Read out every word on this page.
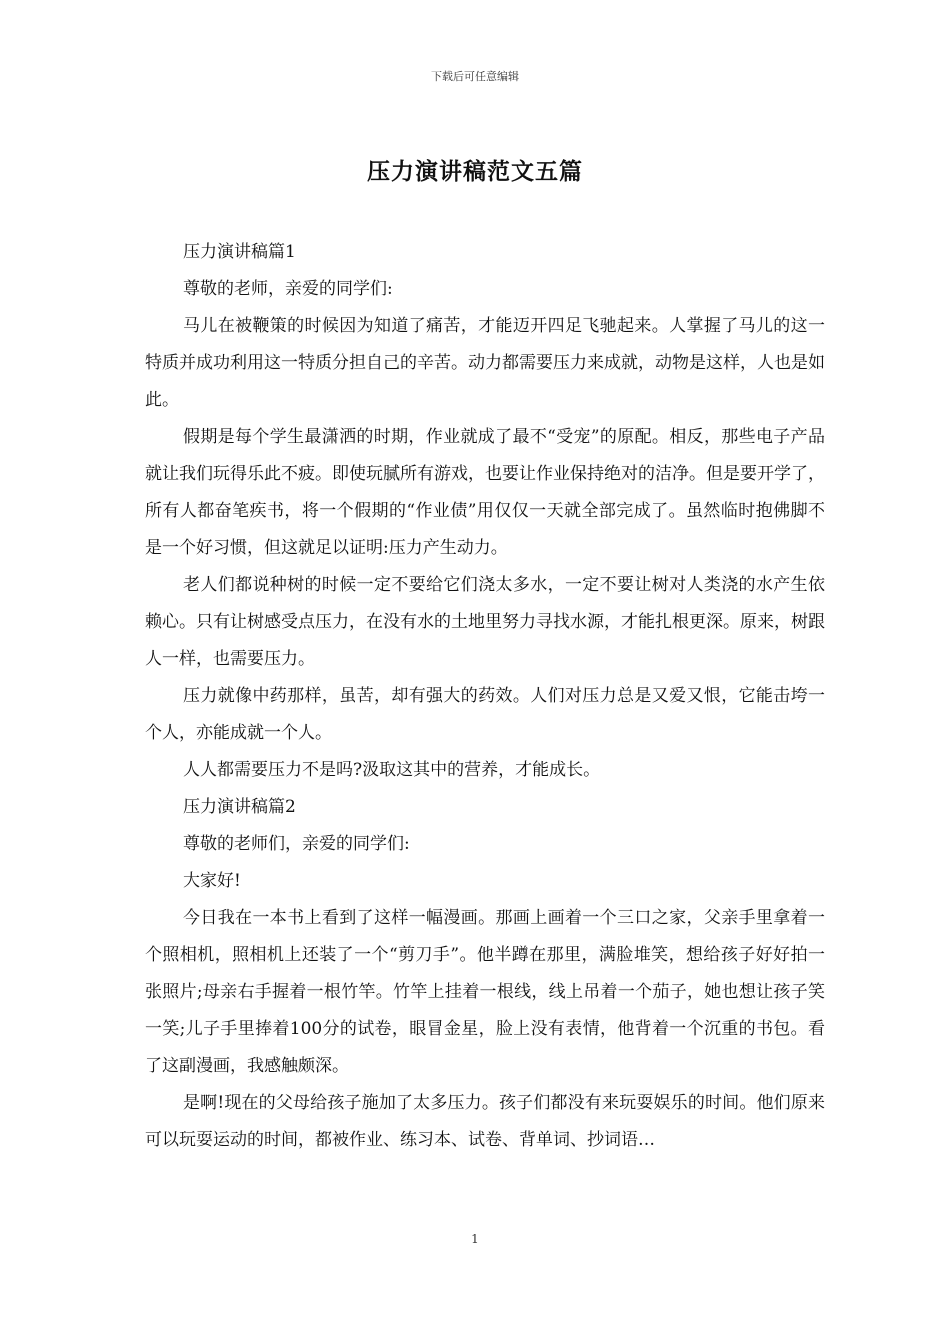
下载后可任意编辑
压力演讲稿范文五篇

压力演讲稿篇1

尊敬的老师，亲爱的同学们:

马儿在被鞭策的时候因为知道了痛苦，才能迈开四足飞驰起来。人掌握了马儿的这一特质并成功利用这一特质分担自己的辛苦。动力都需要压力来成就，动物是这样，人也是如此。

假期是每个学生最潇洒的时期，作业就成了最不“受宠”的原配。相反，那些电子产品就让我们玩得乐此不疲。即使玩腻所有游戏，也要让作业保持绝对的洁净。但是要开学了，所有人都奋笔疾书，将一个假期的“作业债”用仅仅一天就全部完成了。虽然临时抱佛脚不是一个好习惯，但这就足以证明:压力产生动力。

老人们都说种树的时候一定不要给它们浇太多水，一定不要让树对人类浇的水产生依赖心。只有让树感受点压力，在没有水的土地里努力寻找水源，才能扎根更深。原来，树跟人一样，也需要压力。

压力就像中药那样，虽苦，却有强大的药效。人们对压力总是又爱又恨，它能击垮一个人，亦能成就一个人。

人人都需要压力不是吗?汲取这其中的营养，才能成长。

压力演讲稿篇2

尊敬的老师们，亲爱的同学们:

大家好!

今日我在一本书上看到了这样一幅漫画。那画上画着一个三口之家，父亲手里拿着一个照相机，照相机上还装了一个“剪刀手”。他半蹲在那里，满脸堆笑，想给孩子好好拍一张照片;母亲右手握着一根竹竿。竹竿上挂着一根线，线上吊着一个茄子，她也想让孩子笑一笑;儿子手里捧着100分的试卷，眼冒金星，脸上没有表情，他背着一个沉重的书包。看了这副漫画，我感触颇深。

是啊!现在的父母给孩子施加了太多压力。孩子们都没有来玩耍娱乐的时间。他们原来可以玩耍运动的时间，都被作业、练习本、试卷、背单词、抄词语…

1
